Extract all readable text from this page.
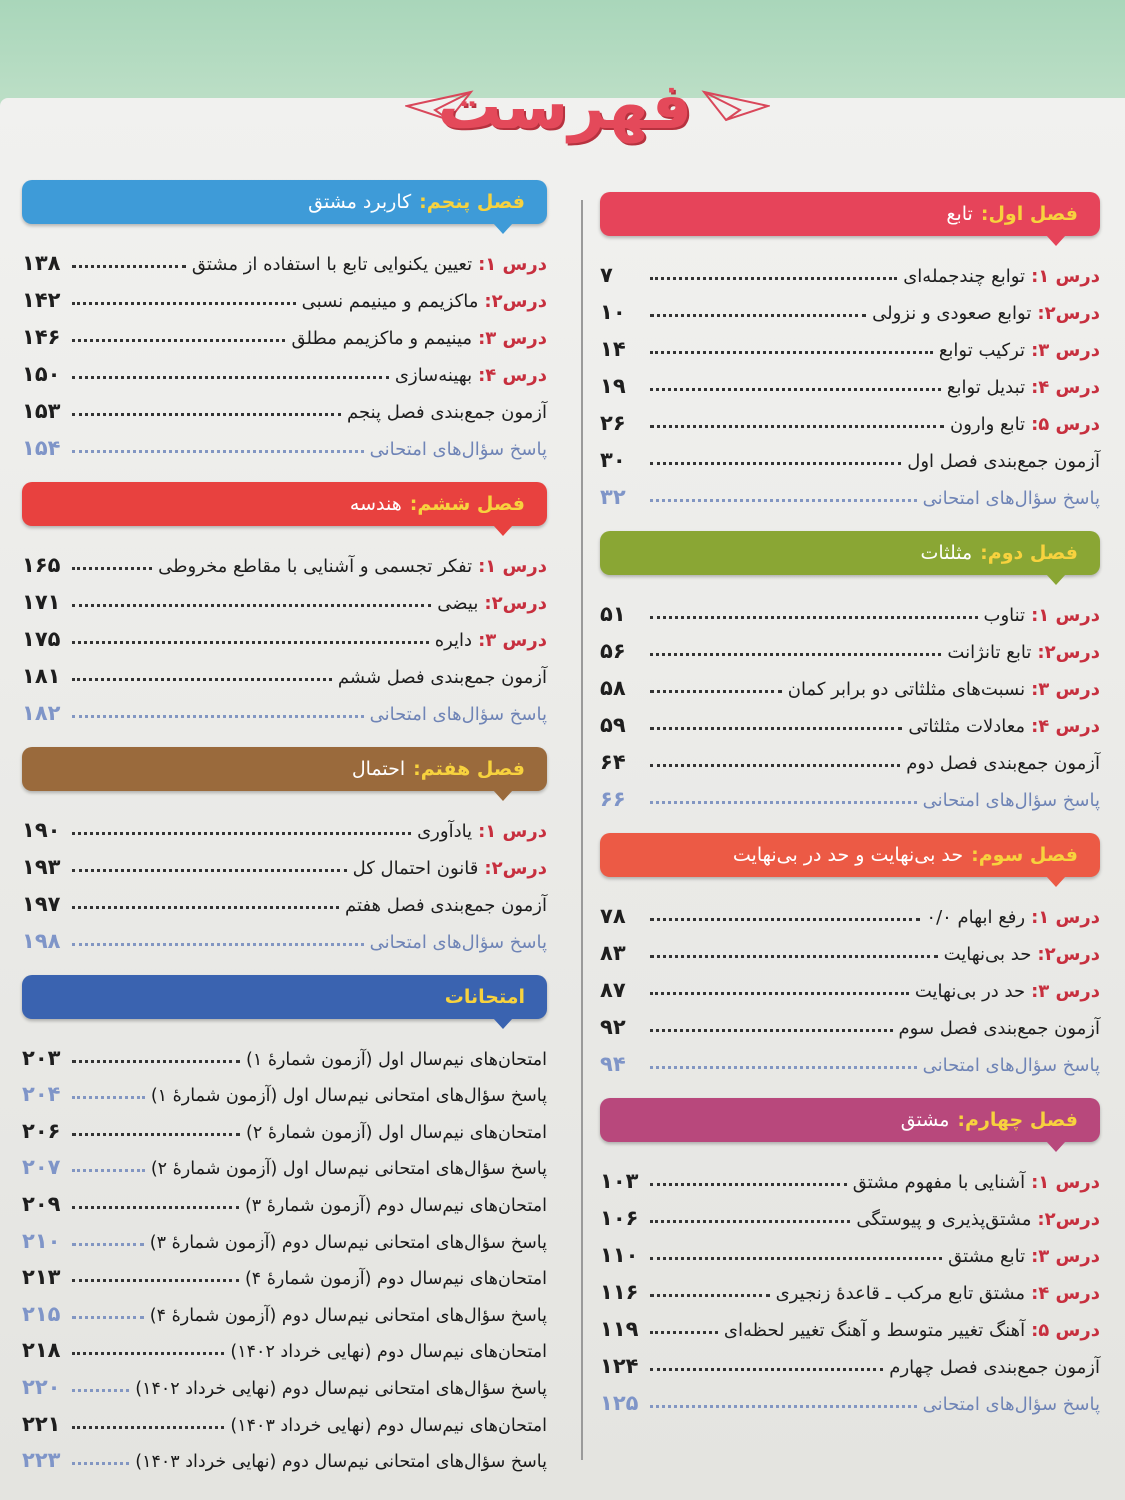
فهرست
فصل اول:
تابع
درس ۱:
توابع چندجمله‌ای
۷
درس۲:
توابع صعودی و نزولی
۱۰
درس ۳:
ترکیب توابع
۱۴
درس ۴:
تبدیل توابع
۱۹
درس ۵:
تابع وارون
۲۶
آزمون جمع‌بندی فصل اول
۳۰
پاسخ سؤال‌های امتحانی
۳۲
فصل دوم:
مثلثات
درس ۱:
تناوب
۵۱
درس۲:
تابع تانژانت
۵۶
درس ۳:
نسبت‌های مثلثاتی دو برابر کمان
۵۸
درس ۴:
معادلات مثلثاتی
۵۹
آزمون جمع‌بندی فصل دوم
۶۴
پاسخ سؤال‌های امتحانی
۶۶
فصل سوم:
حد بی‌نهایت و حد در بی‌نهایت
درس ۱:
رفع ابهام ۰/۰
۷۸
درس۲:
حد بی‌نهایت
۸۳
درس ۳:
حد در بی‌نهایت
۸۷
آزمون جمع‌بندی فصل سوم
۹۲
پاسخ سؤال‌های امتحانی
۹۴
فصل چهارم:
مشتق
درس ۱:
آشنایی با مفهوم مشتق
۱۰۳
درس۲:
مشتق‌پذیری و پیوستگی
۱۰۶
درس ۳:
تابع مشتق
۱۱۰
درس ۴:
مشتق تابع مرکب ـ قاعدهٔ زنجیری
۱۱۶
درس ۵:
آهنگ تغییر متوسط و آهنگ تغییر لحظه‌ای
۱۱۹
آزمون جمع‌بندی فصل چهارم
۱۲۴
پاسخ سؤال‌های امتحانی
۱۲۵
فصل پنجم:
کاربرد مشتق
درس ۱:
تعیین یکنوایی تابع با استفاده از مشتق
۱۳۸
درس۲:
ماکزیمم و مینیمم نسبی
۱۴۲
درس ۳:
مینیمم و ماکزیمم مطلق
۱۴۶
درس ۴:
بهینه‌سازی
۱۵۰
آزمون جمع‌بندی فصل پنجم
۱۵۳
پاسخ سؤال‌های امتحانی
۱۵۴
فصل ششم:
هندسه
درس ۱:
تفکر تجسمی و آشنایی با مقاطع مخروطی
۱۶۵
درس۲:
بیضی
۱۷۱
درس ۳:
دایره
۱۷۵
آزمون جمع‌بندی فصل ششم
۱۸۱
پاسخ سؤال‌های امتحانی
۱۸۲
فصل هفتم:
احتمال
درس ۱:
یادآوری
۱۹۰
درس۲:
قانون احتمال کل
۱۹۳
آزمون جمع‌بندی فصل هفتم
۱۹۷
پاسخ سؤال‌های امتحانی
۱۹۸
امتحانات
امتحان‌های نیم‌سال اول (آزمون شمارهٔ ۱)
۲۰۳
پاسخ سؤال‌های امتحانی نیم‌سال اول (آزمون شمارهٔ ۱)
۲۰۴
امتحان‌های نیم‌سال اول (آزمون شمارهٔ ۲)
۲۰۶
پاسخ سؤال‌های امتحانی نیم‌سال اول (آزمون شمارهٔ ۲)
۲۰۷
امتحان‌های نیم‌سال دوم (آزمون شمارهٔ ۳)
۲۰۹
پاسخ سؤال‌های امتحانی نیم‌سال دوم (آزمون شمارهٔ ۳)
۲۱۰
امتحان‌های نیم‌سال دوم (آزمون شمارهٔ ۴)
۲۱۳
پاسخ سؤال‌های امتحانی نیم‌سال دوم (آزمون شمارهٔ ۴)
۲۱۵
امتحان‌های نیم‌سال دوم (نهایی خرداد ۱۴۰۲)
۲۱۸
پاسخ سؤال‌های امتحانی نیم‌سال دوم (نهایی خرداد ۱۴۰۲)
۲۲۰
امتحان‌های نیم‌سال دوم (نهایی خرداد ۱۴۰۳)
۲۲۱
پاسخ سؤال‌های امتحانی نیم‌سال دوم (نهایی خرداد ۱۴۰۳)
۲۲۳
